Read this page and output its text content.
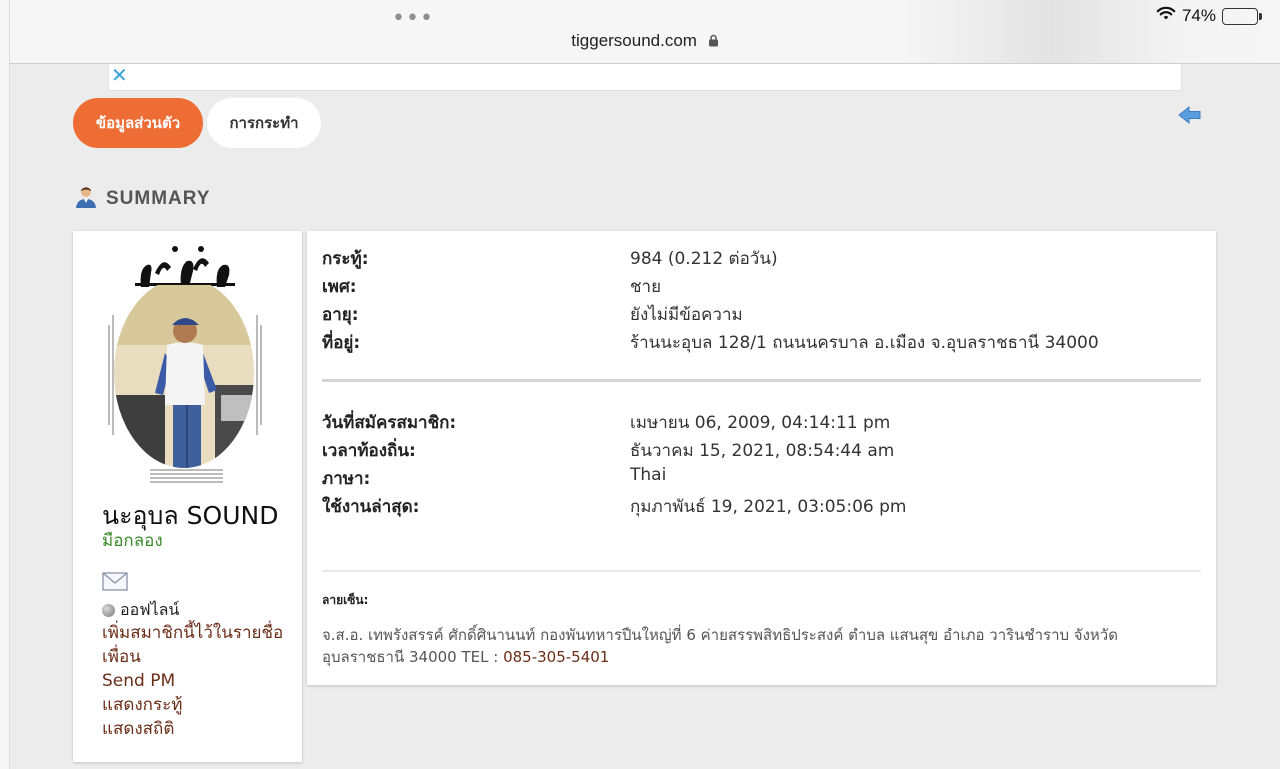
•••
tiggersound.com
74%
✕
ข้อมูลส่วนตัว	การกระทำ
SUMMARY
นะอุบล SOUND
มือกลอง
ออฟไลน์
เพิ่มสมาชิกนี้ไว้ในรายชื่อเพื่อน
Send PM
แสดงกระทู้
แสดงสถิติ
กระทู้:	984 (0.212 ต่อวัน)
เพศ:	ชาย
อายุ:	ยังไม่มีข้อความ
ที่อยู่:	ร้านนะอุบล 128/1 ถนนนครบาล อ.เมือง จ.อุบลราชธานี 34000
วันที่สมัครสมาชิก:	เมษายน 06, 2009, 04:14:11 pm
เวลาท้องถิ่น:	ธันวาคม 15, 2021, 08:54:44 am
ภาษา:	Thai
ใช้งานล่าสุด:	กุมภาพันธ์ 19, 2021, 03:05:06 pm
ลายเซ็น:
จ.ส.อ. เทพรังสรรค์ ศักดิ์ศินานนท์ กองพันทหารปืนใหญ่ที่ 6 ค่ายสรรพสิทธิประสงค์ ตำบล แสนสุข อำเภอ วารินชำราบ จังหวัด อุบลราชธานี 34000 TEL : 085-305-5401
